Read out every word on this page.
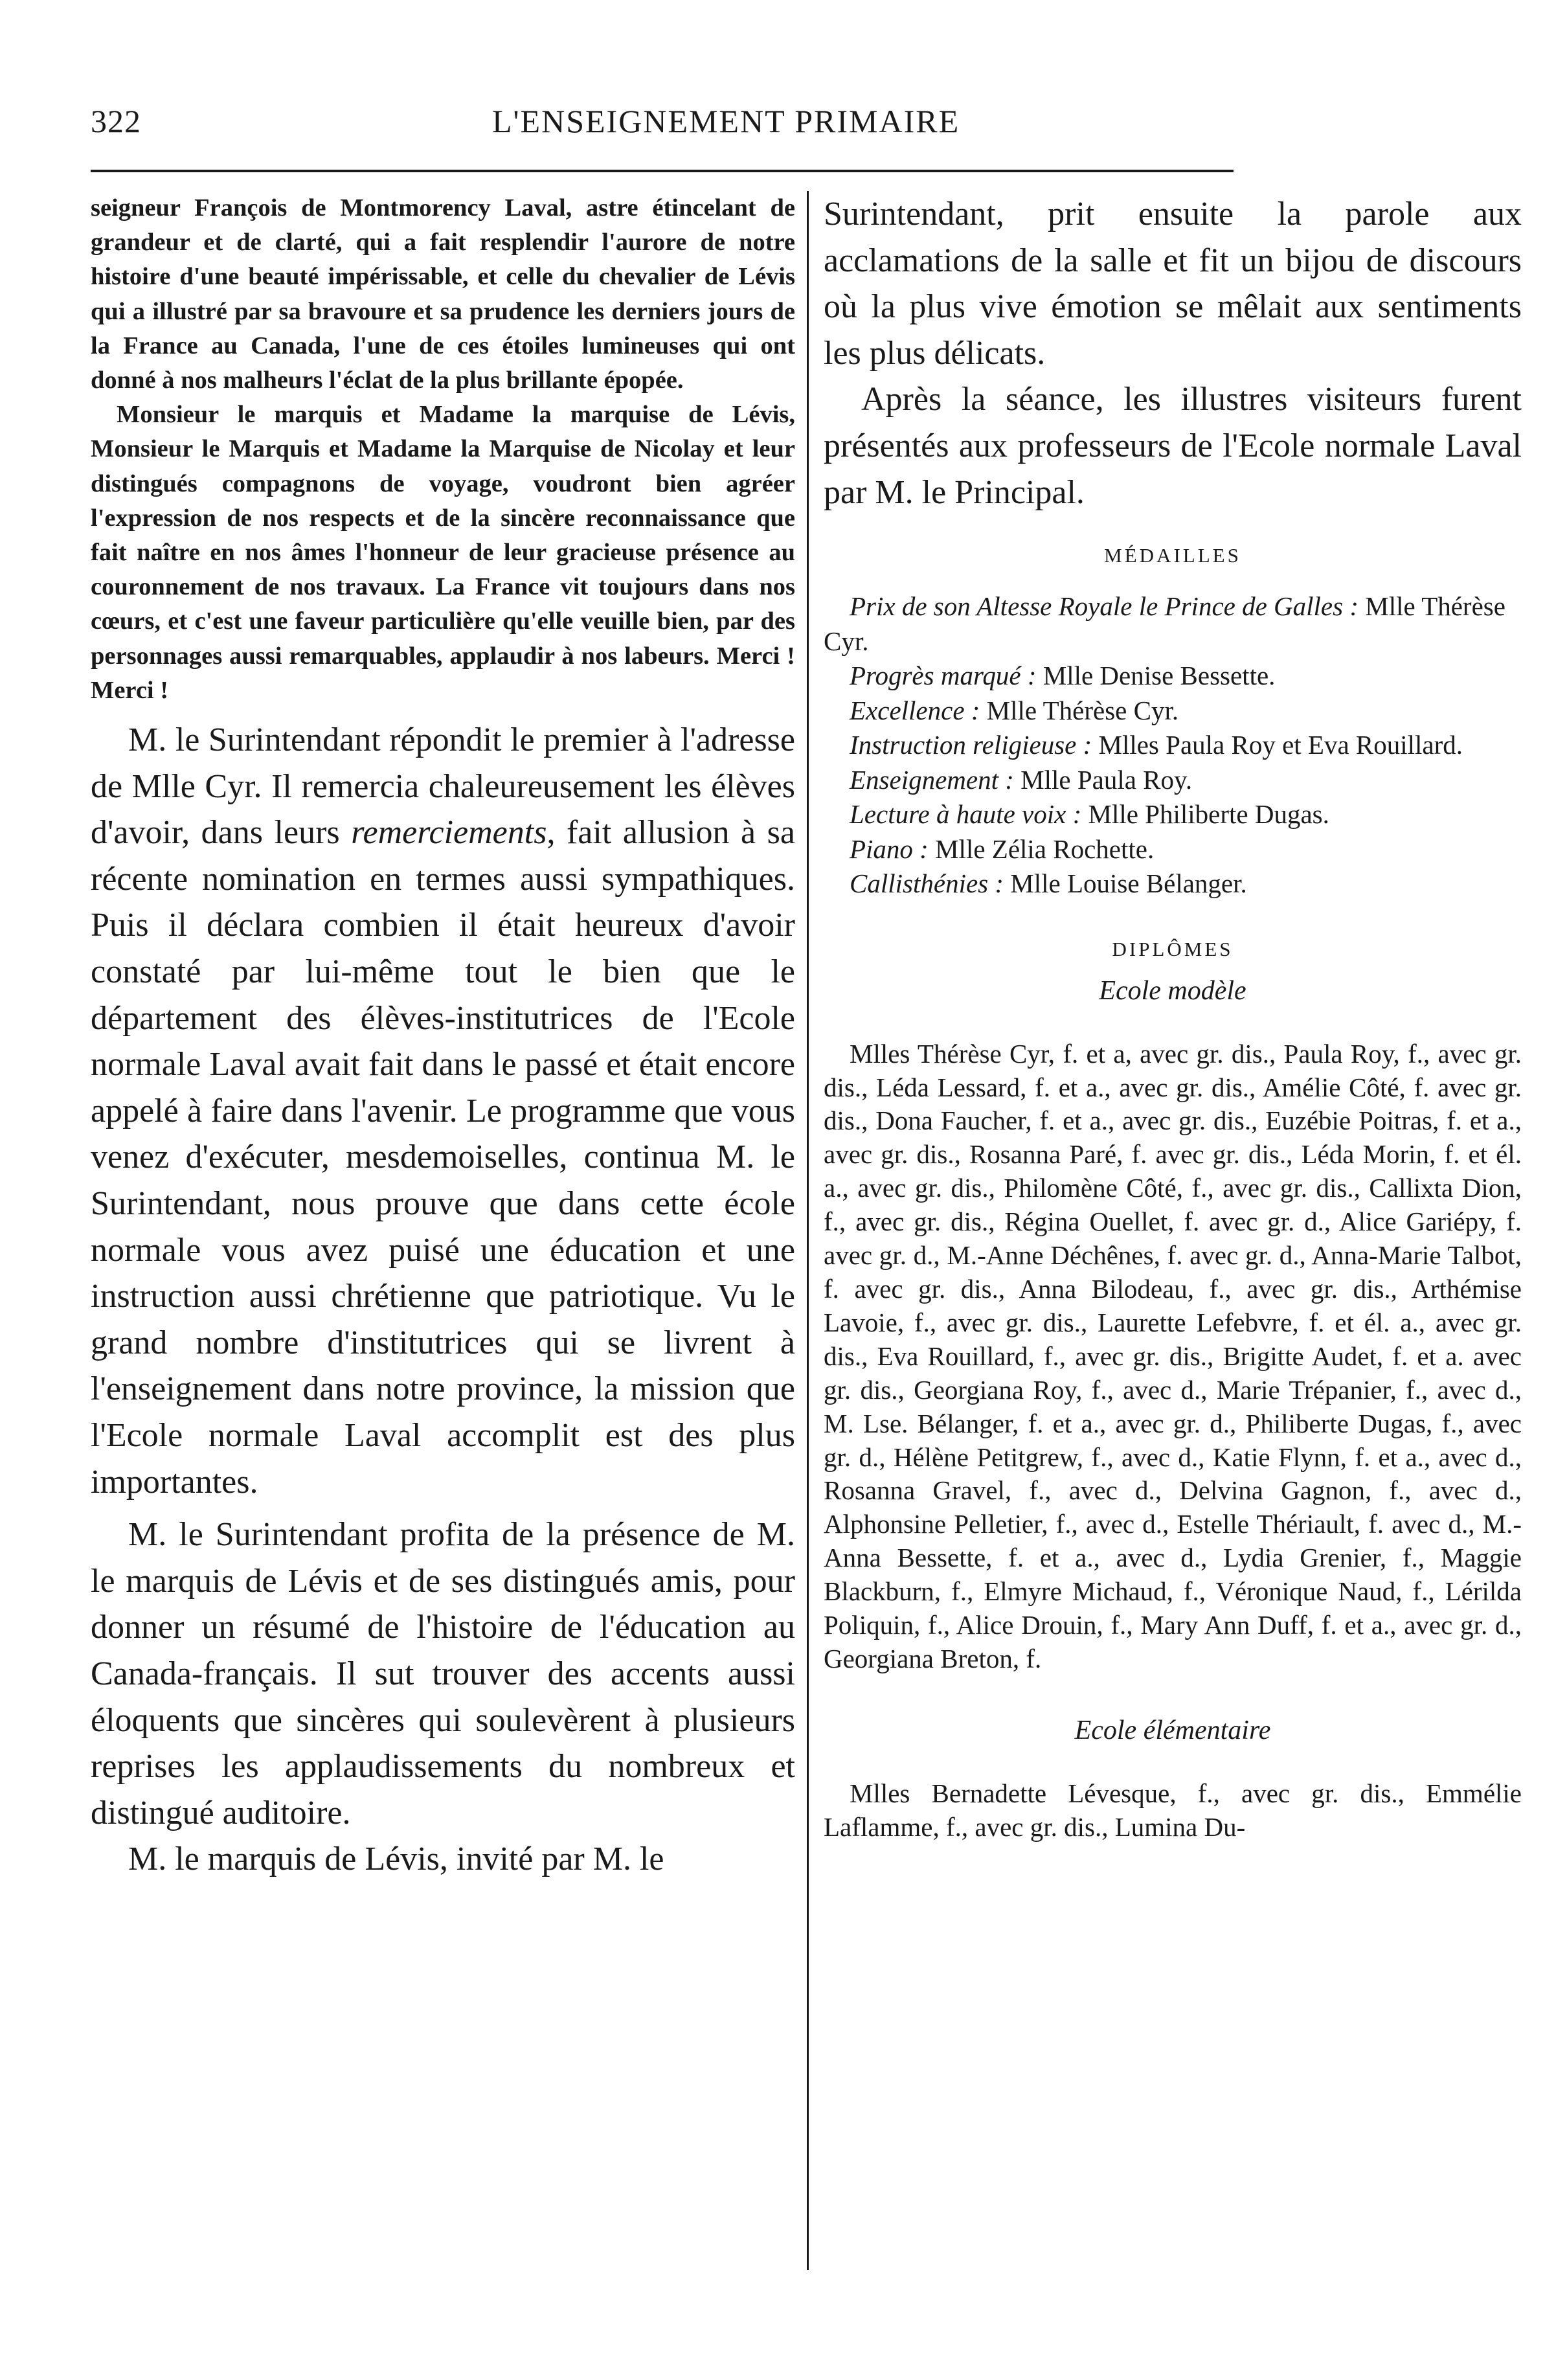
322	L'ENSEIGNEMENT PRIMAIRE

seigneur François de Montmorency Laval, astre étincelant de grandeur et de clarté, qui a fait resplendir l'aurore de notre histoire d'une beauté impérissable, et celle du chevalier de Lévis qui a illustré par sa bravoure et sa prudence les derniers jours de la France au Canada, l'une de ces étoiles lumineuses qui ont donné à nos malheurs l'éclat de la plus brillante épopée.

Monsieur le marquis et Madame la marquise de Lévis, Monsieur le Marquis et Madame la Marquise de Nicolay et leur distingués compagnons de voyage, voudront bien agréer l'expression de nos respects et de la sincère reconnaissance que fait naître en nos âmes l'honneur de leur gracieuse présence au couronnement de nos travaux. La France vit toujours dans nos cœurs, et c'est une faveur particulière qu'elle veuille bien, par des personnages aussi remarquables, applaudir à nos labeurs. Merci ! Merci !

M. le Surintendant répondit le premier à l'adresse de Mlle Cyr. Il remercia chaleureusement les élèves d'avoir, dans leurs remerciements, fait allusion à sa récente nomination en termes aussi sympathiques. Puis il déclara combien il était heureux d'avoir constaté par lui-même tout le bien que le département des élèves-institutrices de l'Ecole normale Laval avait fait dans le passé et était encore appelé à faire dans l'avenir. Le programme que vous venez d'exécuter, mesdemoiselles, continua M. le Surintendant, nous prouve que dans cette école normale vous avez puisé une éducation et une instruction aussi chrétienne que patriotique. Vu le grand nombre d'institutrices qui se livrent à l'enseignement dans notre province, la mission que l'Ecole normale Laval accomplit est des plus importantes.

M. le Surintendant profita de la présence de M. le marquis de Lévis et de ses distingués amis, pour donner un résumé de l'histoire de l'éducation au Canada-français. Il sut trouver des accents aussi éloquents que sincères qui soulevèrent à plusieurs reprises les applaudissements du nombreux et distingué auditoire.

M. le marquis de Lévis, invité par M. le

Surintendant, prit ensuite la parole aux acclamations de la salle et fit un bijou de discours où la plus vive émotion se mêlait aux sentiments les plus délicats.

Après la séance, les illustres visiteurs furent présentés aux professeurs de l'Ecole normale Laval par M. le Principal.

MÉDAILLES

Prix de son Altesse Royale le Prince de Galles : Mlle Thérèse Cyr.

Progrès marqué : Mlle Denise Bessette.

Excellence : Mlle Thérèse Cyr.

Instruction religieuse : Mlles Paula Roy et Eva Rouillard.

Enseignement : Mlle Paula Roy.

Lecture à haute voix : Mlle Philiberte Dugas.

Piano : Mlle Zélia Rochette.

Callisthénies : Mlle Louise Bélanger.

DIPLÔMES
Ecole modèle

Mlles Thérèse Cyr, f. et a, avec gr. dis., Paula Roy, f., avec gr. dis., Léda Lessard, f. et a., avec gr. dis., Amélie Côté, f. avec gr. dis., Dona Faucher, f. et a., avec gr. dis., Euzébie Poitras, f. et a., avec gr. dis., Rosanna Paré, f. avec gr. dis., Léda Morin, f. et él. a., avec gr. dis., Philomène Côté, f., avec gr. dis., Callixta Dion, f., avec gr. dis., Régina Ouellet, f. avec gr. d., Alice Gariépy, f. avec gr. d., M.-Anne Déchênes, f. avec gr. d., Anna-Marie Talbot, f. avec gr. dis., Anna Bilodeau, f., avec gr. dis., Arthémise Lavoie, f., avec gr. dis., Laurette Lefebvre, f. et él. a., avec gr. dis., Eva Rouillard, f., avec gr. dis., Brigitte Audet, f. et a. avec gr. dis., Georgiana Roy, f., avec d., Marie Trépanier, f., avec d., M. Lse. Bélanger, f. et a., avec gr. d., Philiberte Dugas, f., avec gr. d., Hélène Petitgrew, f., avec d., Katie Flynn, f. et a., avec d., Rosanna Gravel, f., avec d., Delvina Gagnon, f., avec d., Alphonsine Pelletier, f., avec d., Estelle Thériault, f. avec d., M.-Anna Bessette, f. et a., avec d., Lydia Grenier, f., Maggie Blackburn, f., Elmyre Michaud, f., Véronique Naud, f., Lérilda Poliquin, f., Alice Drouin, f., Mary Ann Duff, f. et a., avec gr. d., Georgiana Breton, f.

Ecole élémentaire

Mlles Bernadette Lévesque, f., avec gr. dis., Emmélie Laflamme, f., avec gr. dis., Lumina Du-
